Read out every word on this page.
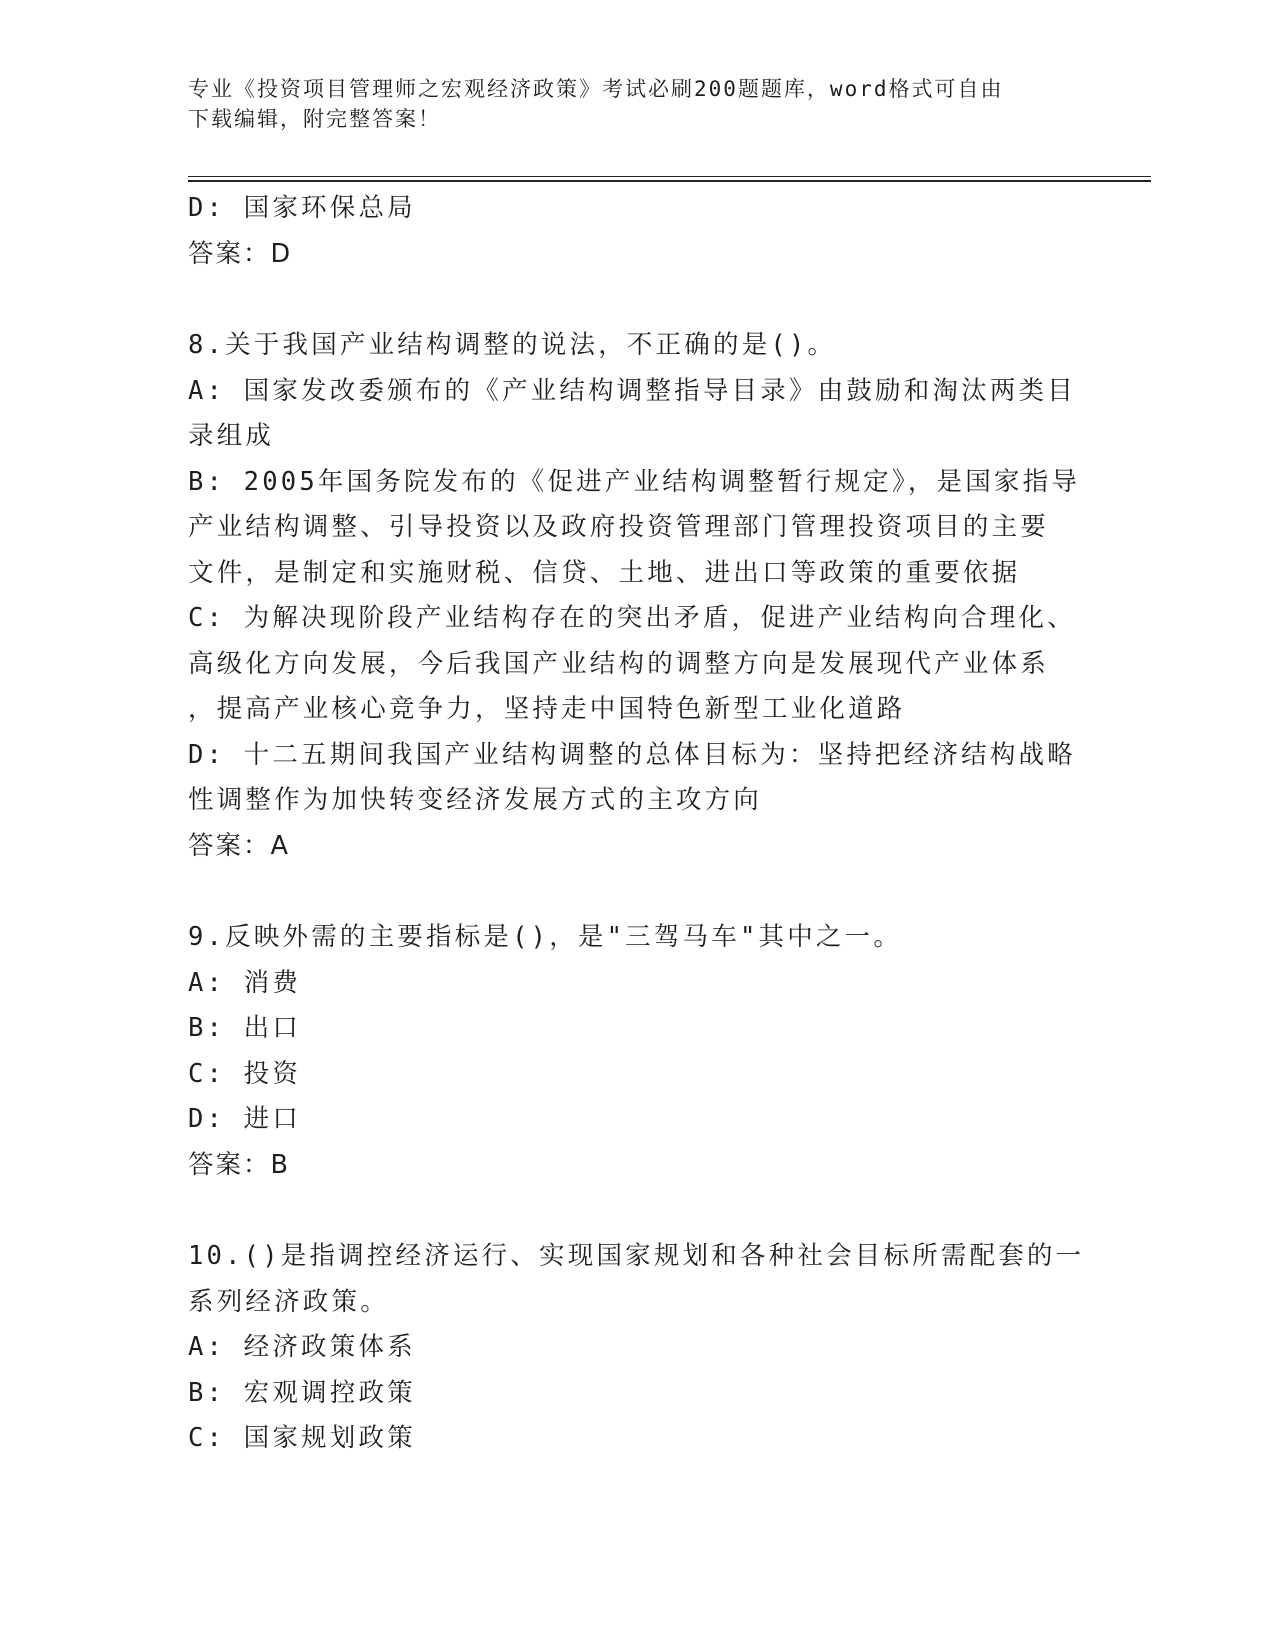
专业《投资项目管理师之宏观经济政策》考试必刷200题题库，word格式可自由
下载编辑，附完整答案！
D: 国家环保总局
答案：D
8.关于我国产业结构调整的说法，不正确的是()。
A: 国家发改委颁布的《产业结构调整指导目录》由鼓励和淘汰两类目
录组成
B: 2005年国务院发布的《促进产业结构调整暂行规定》，是国家指导
产业结构调整、引导投资以及政府投资管理部门管理投资项目的主要
文件，是制定和实施财税、信贷、土地、进出口等政策的重要依据
C: 为解决现阶段产业结构存在的突出矛盾，促进产业结构向合理化、
高级化方向发展，今后我国产业结构的调整方向是发展现代产业体系
，提高产业核心竞争力，坚持走中国特色新型工业化道路
D: 十二五期间我国产业结构调整的总体目标为：坚持把经济结构战略
性调整作为加快转变经济发展方式的主攻方向
答案：A
9.反映外需的主要指标是()，是"三驾马车"其中之一。
A: 消费
B: 出口
C: 投资
D: 进口
答案：B
10.()是指调控经济运行、实现国家规划和各种社会目标所需配套的一
系列经济政策。
A: 经济政策体系
B: 宏观调控政策
C: 国家规划政策
